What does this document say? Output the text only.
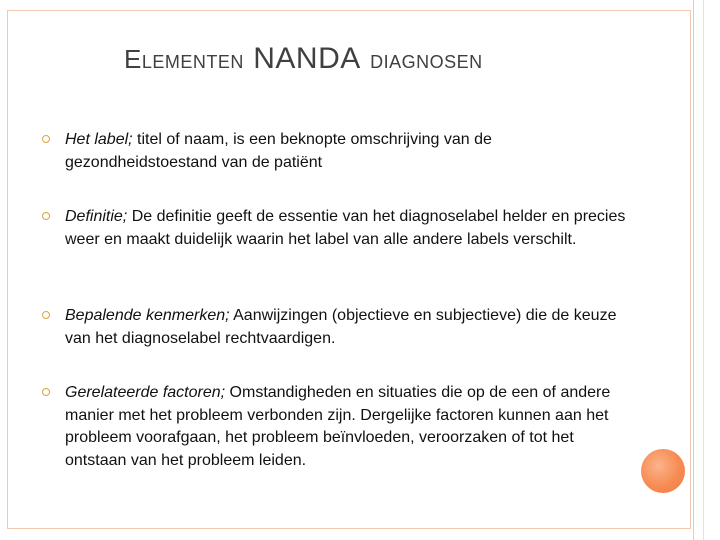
ELEMENTEN NANDA DIAGNOSEN
Het label; titel of naam, is een beknopte omschrijving van de gezondheidstoestand van de patiënt
Definitie; De definitie geeft de essentie van het diagnoselabel helder en precies weer en maakt duidelijk waarin het label van alle andere labels verschilt.
Bepalende kenmerken; Aanwijzingen (objectieve en subjectieve) die de keuze van het diagnoselabel rechtvaardigen.
Gerelateerde factoren; Omstandigheden en situaties die op de een of andere manier met het probleem verbonden zijn. Dergelijke factoren kunnen aan het probleem voorafgaan, het probleem beïnvloeden, veroorzaken of tot het ontstaan van het probleem leiden.
